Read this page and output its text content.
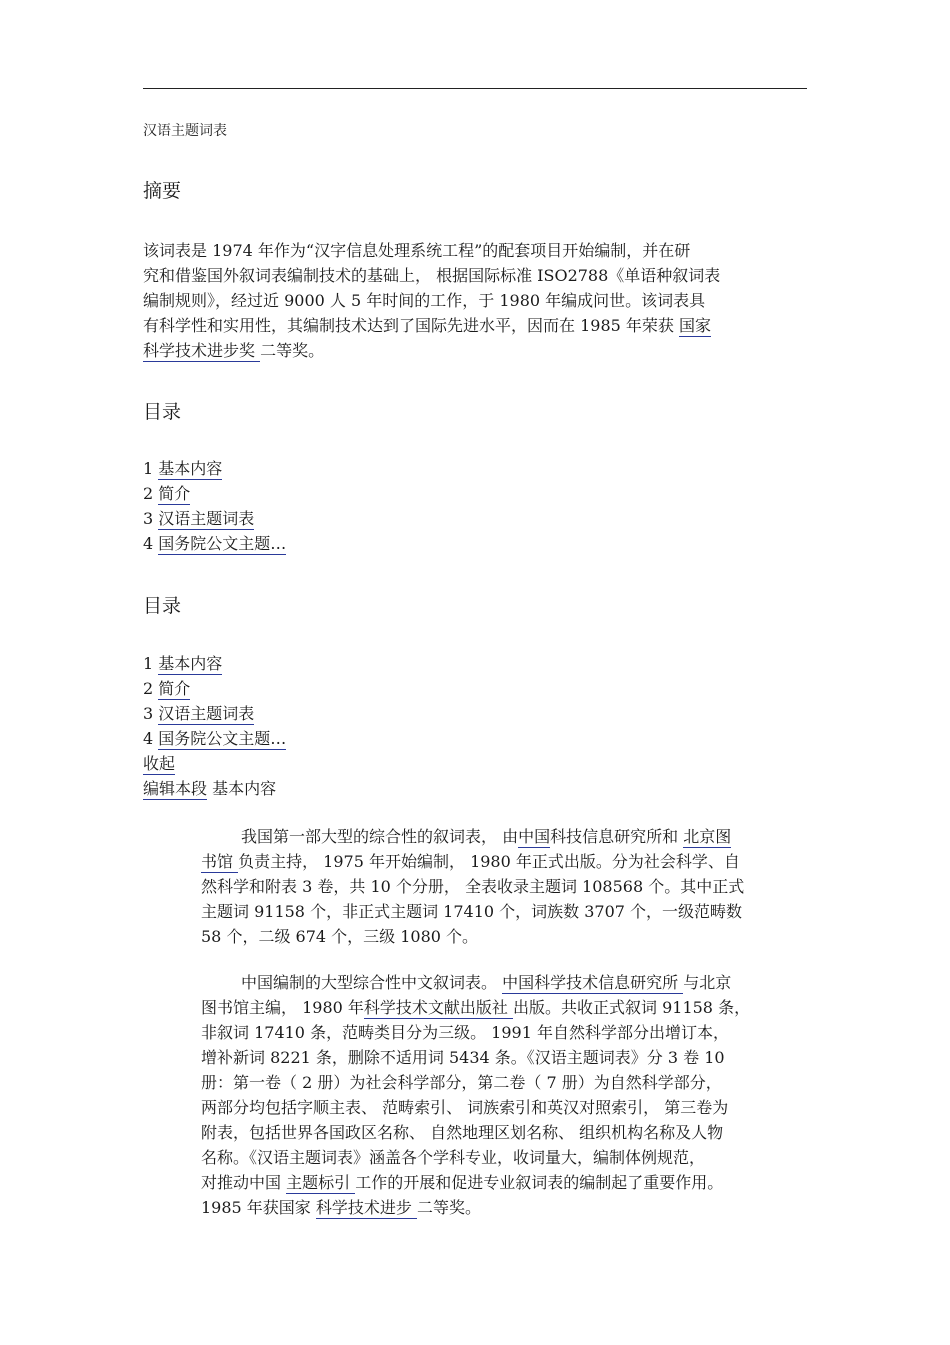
汉语主题词表
摘要
该词表是 1974 年作为“汉字信息处理系统工程”的配套项目开始编制，并在研
究和借鉴国外叙词表编制技术的基础上， 根据国际标准 ISO2788《单语种叙词表
编制规则》，经过近 9000 人 5 年时间的工作，于 1980 年编成问世。该词表具
有科学性和实用性，其编制技术达到了国际先进水平，因而在 1985 年荣获 国家
科学技术进步奖 二等奖。
目录
1 基本内容
2 简介
3 汉语主题词表
4 国务院公文主题…
目录
1 基本内容
2 简介
3 汉语主题词表
4 国务院公文主题…
收起
编辑本段 基本内容
我国第一部大型的综合性的叙词表， 由中国科技信息研究所和 北京图
书馆 负责主持， 1975 年开始编制， 1980 年正式出版。分为社会科学、自
然科学和附表 3 卷，共 10 个分册， 全表收录主题词 108568 个。其中正式
主题词 91158 个，非正式主题词 17410 个，词族数 3707 个，一级范畴数
58 个，二级 674 个，三级 1080 个。
中国编制的大型综合性中文叙词表。 中国科学技术信息研究所 与北京
图书馆主编， 1980 年科学技术文献出版社 出版。共收正式叙词 91158 条，
非叙词 17410 条，范畴类目分为三级。 1991 年自然科学部分出增订本，
增补新词 8221 条，删除不适用词 5434 条。《汉语主题词表》分 3 卷 10
册：第一卷（ 2 册）为社会科学部分，第二卷（ 7 册）为自然科学部分，
两部分均包括字顺主表、 范畴索引、 词族索引和英汉对照索引， 第三卷为
附表，包括世界各国政区名称、 自然地理区划名称、 组织机构名称及人物
名称。《汉语主题词表》涵盖各个学科专业，收词量大，编制体例规范，
对推动中国 主题标引 工作的开展和促进专业叙词表的编制起了重要作用。
1985 年获国家 科学技术进步 二等奖。
